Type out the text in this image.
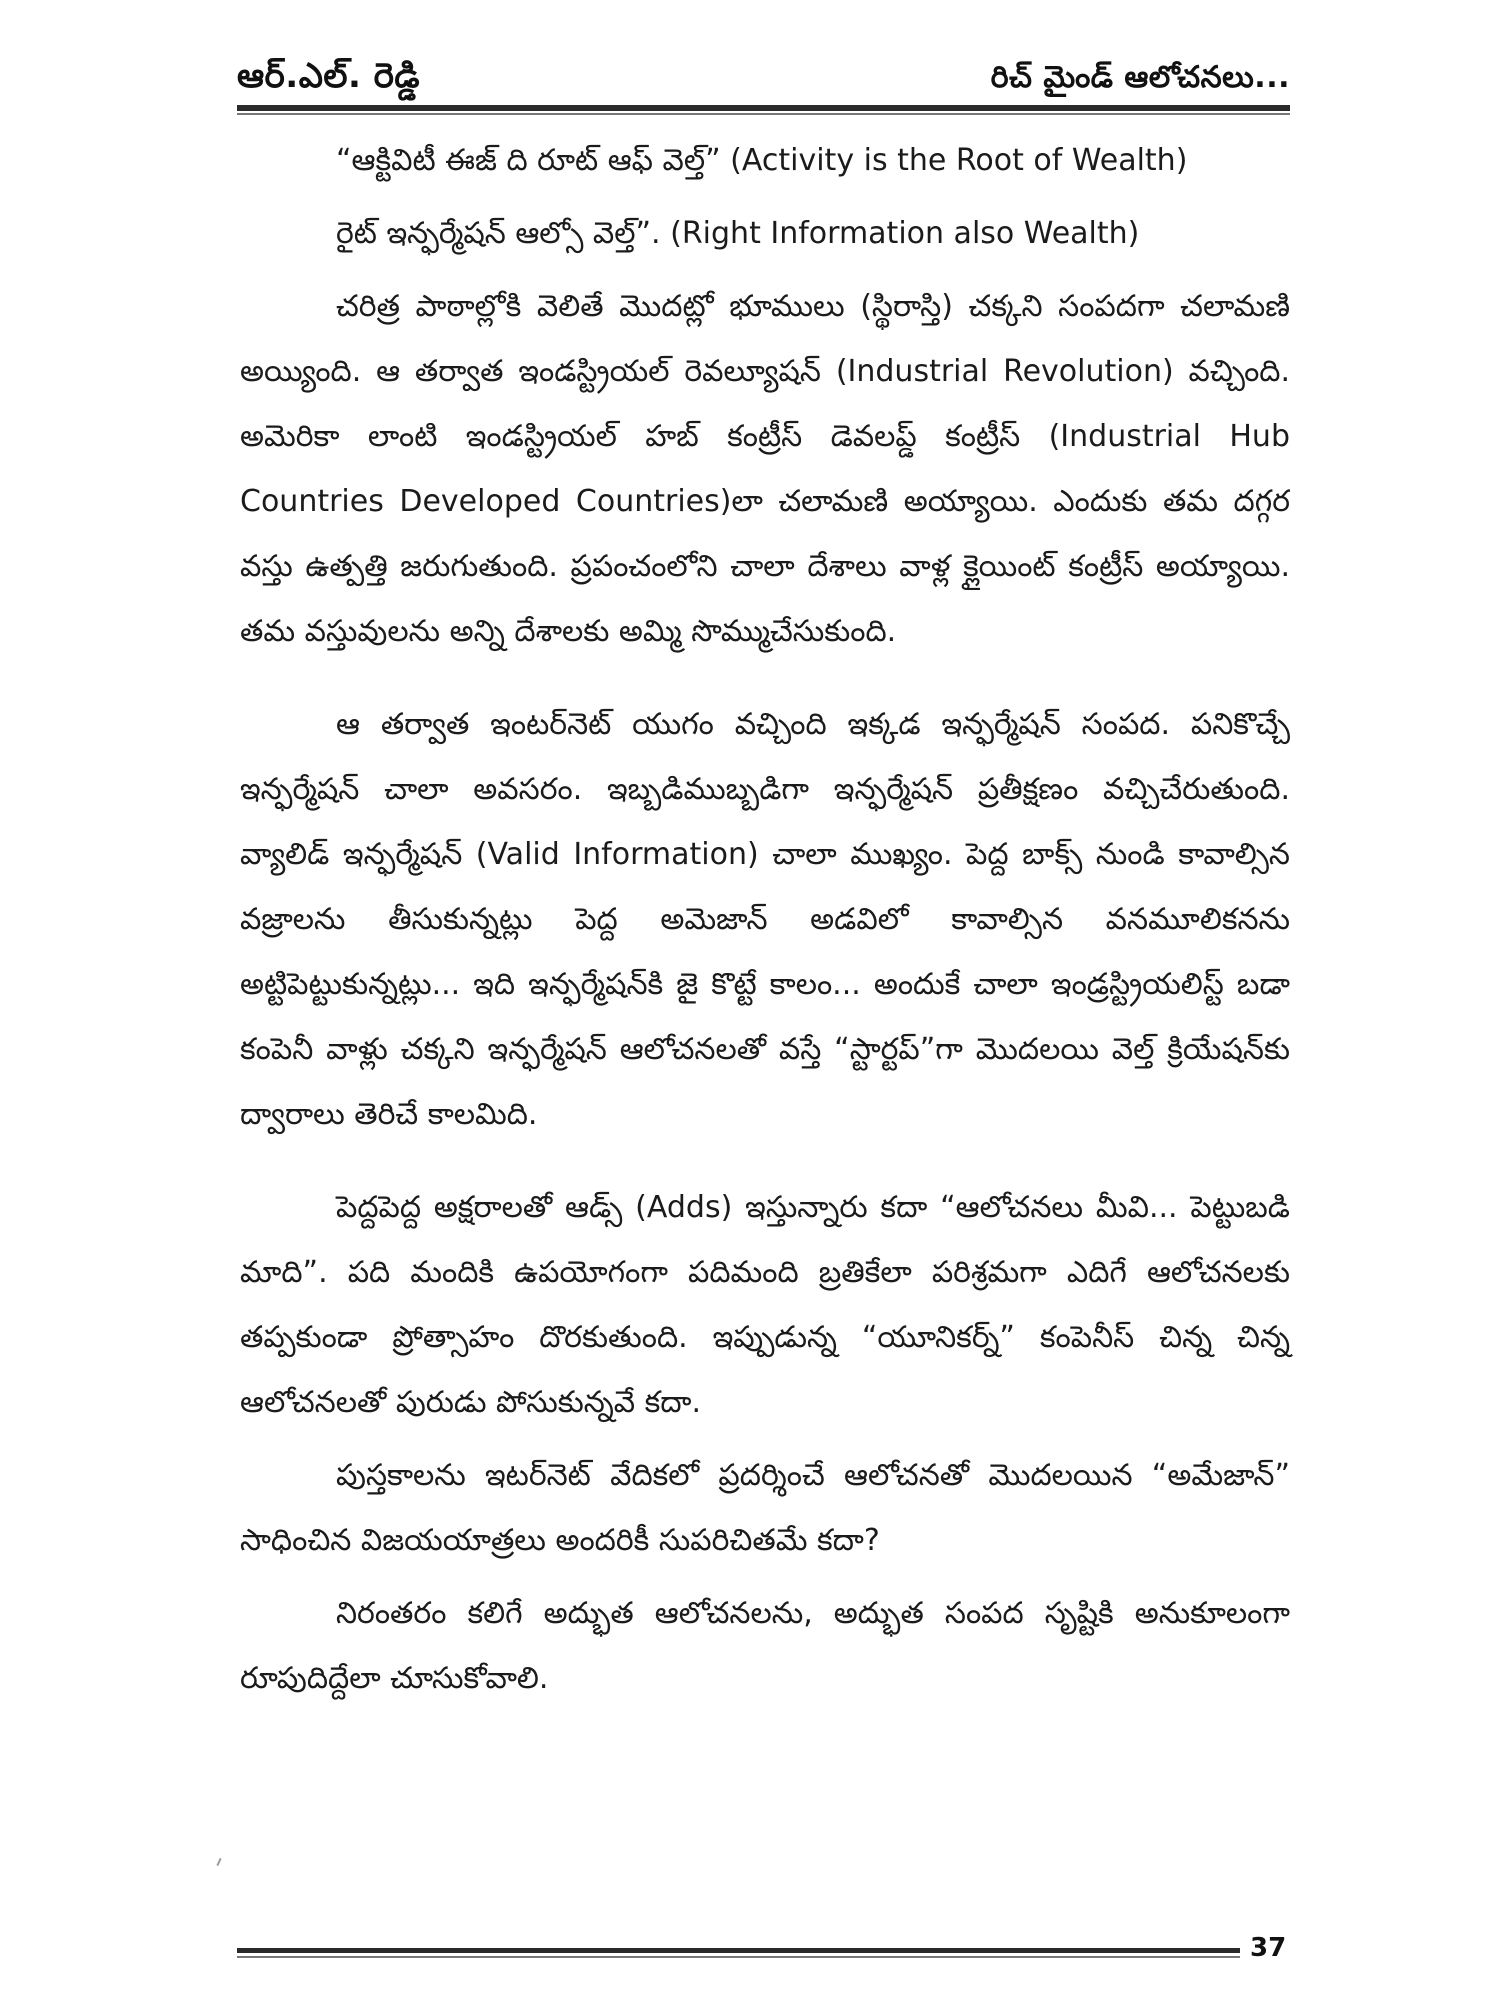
ఆర్.ఎల్. రెడ్డి	రిచ్ మైండ్ ఆలోచనలు...

“ఆక్టివిటీ ఈజ్ ది రూట్ ఆఫ్ వెల్త్” (Activity is the Root of Wealth)

రైట్ ఇన్ఫర్మేషన్ ఆల్సో వెల్త్”. (Right Information also Wealth)

చరిత్ర పాఠాల్లోకి వెలితే మొదట్లో భూములు (స్థిరాస్తి) చక్కని సంపదగా చలామణి అయ్యింది. ఆ తర్వాత ఇండస్ట్రియల్ రెవల్యూషన్ (Industrial Revolution) వచ్చింది. అమెరికా లాంటి ఇండస్ట్రియల్ హబ్ కంట్రీస్ డెవలప్డ్ కంట్రీస్ (Industrial Hub Countries Developed Countries)లా చలామణి అయ్యాయి. ఎందుకు తమ దగ్గర వస్తు ఉత్పత్తి జరుగుతుంది. ప్రపంచంలోని చాలా దేశాలు వాళ్ల క్లైయింట్ కంట్రీస్ అయ్యాయి. తమ వస్తువులను అన్ని దేశాలకు అమ్మి సొమ్ముచేసుకుంది.

ఆ తర్వాత ఇంటర్‌నెట్ యుగం వచ్చింది ఇక్కడ ఇన్ఫర్మేషన్ సంపద. పనికొచ్చే ఇన్ఫర్మేషన్ చాలా అవసరం. ఇబ్బడిముబ్బడిగా ఇన్ఫర్మేషన్ ప్రతీక్షణం వచ్చిచేరుతుంది. వ్యాలిడ్ ఇన్ఫర్మేషన్ (Valid Information) చాలా ముఖ్యం. పెద్ద బాక్స్ నుండి కావాల్సిన వజ్రాలను తీసుకున్నట్లు పెద్ద అమెజాన్ అడవిలో కావాల్సిన వనమూలికనను అట్టిపెట్టుకున్నట్లు... ఇది ఇన్ఫర్మేషన్‌కి జై కొట్టే కాలం... అందుకే చాలా ఇండ్రస్ట్రియలిస్ట్ బడా కంపెనీ వాళ్లు చక్కని ఇన్ఫర్మేషన్ ఆలోచనలతో వస్తే “స్టార్టప్”గా మొదలయి వెల్త్ క్రియేషన్‌కు ద్వారాలు తెరిచే కాలమిది.

పెద్దపెద్ద అక్షరాలతో ఆడ్స్ (Adds) ఇస్తున్నారు కదా “ఆలోచనలు మీవి... పెట్టుబడి మాది”. పది మందికి ఉపయోగంగా పదిమంది బ్రతికేలా పరిశ్రమగా ఎదిగే ఆలోచనలకు తప్పకుండా ప్రోత్సాహం దొరకుతుంది. ఇప్పుడున్న “యూనికర్న్” కంపెనీస్ చిన్న చిన్న ఆలోచనలతో పురుడు పోసుకున్నవే కదా.

పుస్తకాలను ఇటర్‌నెట్ వేదికలో ప్రదర్శించే ఆలోచనతో మొదలయిన “అమేజాన్” సాధించిన విజయయాత్రలు అందరికీ సుపరిచితమే కదా?

నిరంతరం కలిగే అద్భుత ఆలోచనలను, అద్భుత సంపద సృష్టికి అనుకూలంగా రూపుదిద్దేలా చూసుకోవాలి.

37
